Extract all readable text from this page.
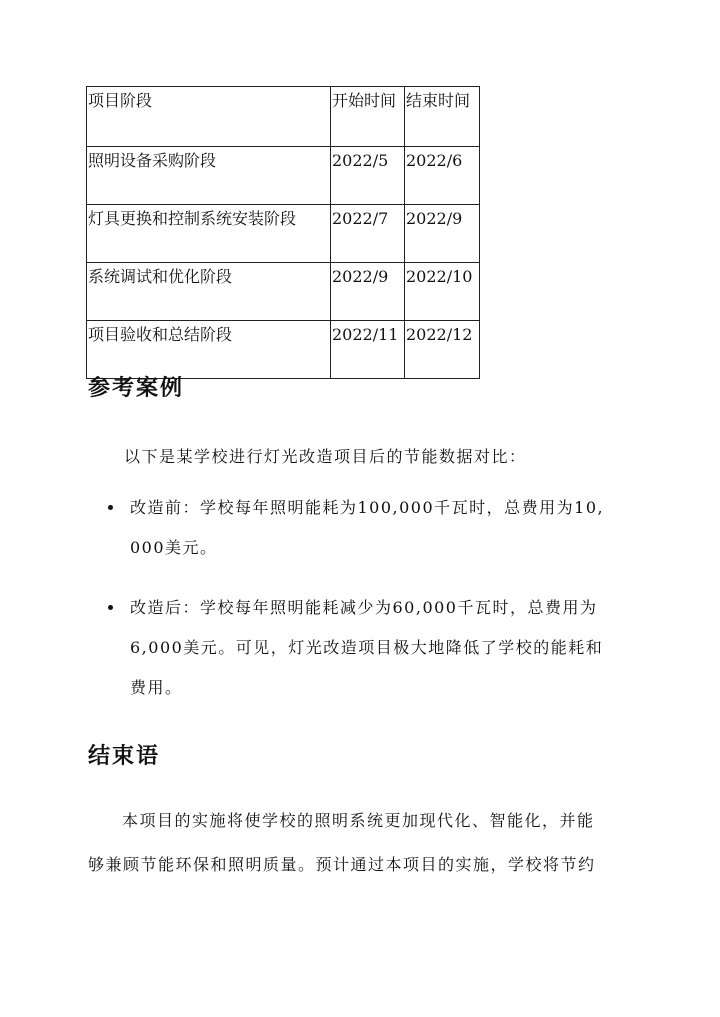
项目阶段	开始时间	结束时间
照明设备采购阶段	2022/5	2022/6
灯具更换和控制系统安装阶段	2022/7	2022/9
系统调试和优化阶段	2022/9	2022/10
项目验收和总结阶段	2022/11	2022/12
参考案例

以下是某学校进行灯光改造项目后的节能数据对比：

改造前：学校每年照明能耗为100,000千瓦时，总费用为10,
000美元。
改造后：学校每年照明能耗减少为60,000千瓦时，总费用为
6,000美元。可见，灯光改造项目极大地降低了学校的能耗和
费用。
结束语

本项目的实施将使学校的照明系统更加现代化、智能化，并能

够兼顾节能环保和照明质量。预计通过本项目的实施，学校将节约
